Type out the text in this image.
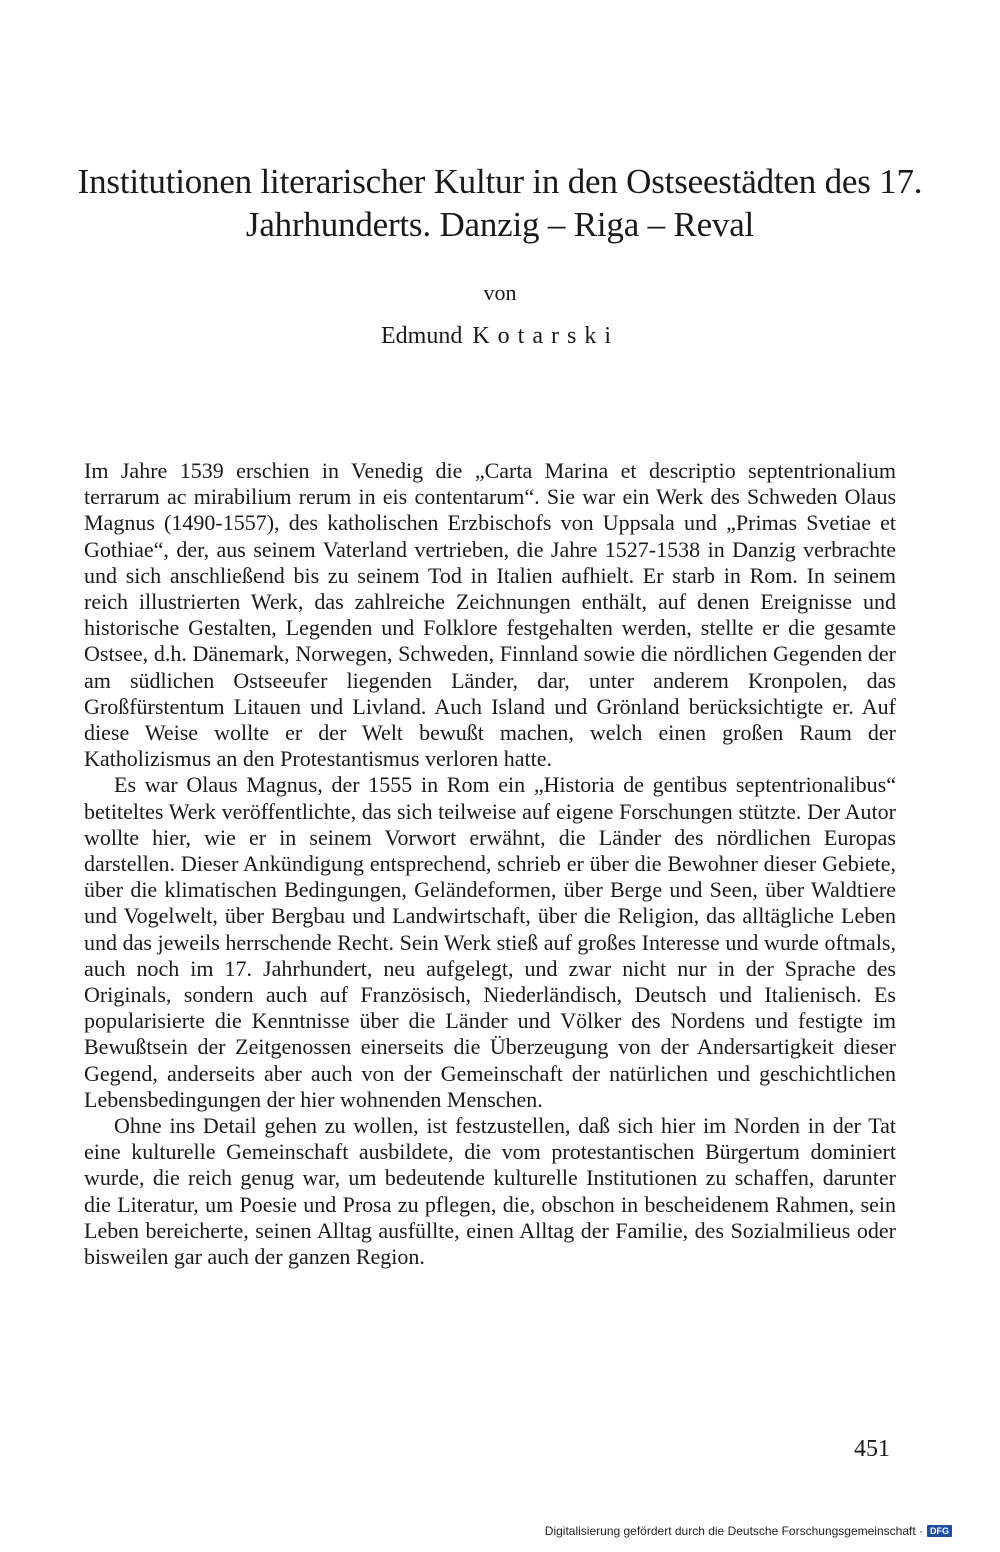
Institutionen literarischer Kultur in den Ostseestädten des 17.
Jahrhunderts. Danzig – Riga – Reval
von
Edmund Kotarski

Im Jahre 1539 erschien in Venedig die „Carta Marina et descriptio septentrionalium terrarum ac mirabilium rerum in eis contentarum“. Sie war ein Werk des Schweden Olaus Magnus (1490-1557), des katholischen Erzbischofs von Uppsala und „Primas Svetiae et Gothiae“, der, aus seinem Vaterland vertrieben, die Jahre 1527-1538 in Danzig verbrachte und sich anschließend bis zu seinem Tod in Italien aufhielt. Er starb in Rom. In seinem reich illustrierten Werk, das zahlreiche Zeichnungen enthält, auf denen Ereignisse und historische Gestalten, Legenden und Folklore festgehalten werden, stellte er die gesamte Ostsee, d.h. Dänemark, Norwegen, Schweden, Finnland sowie die nördlichen Gegenden der am südlichen Ostseeufer liegenden Länder, dar, unter anderem Kronpolen, das Großfürstentum Litauen und Livland. Auch Island und Grönland berücksichtigte er. Auf diese Weise wollte er der Welt bewußt machen, welch einen großen Raum der Katholizismus an den Protestantismus verloren hatte.

Es war Olaus Magnus, der 1555 in Rom ein „Historia de gentibus septentrionalibus“ betiteltes Werk veröffentlichte, das sich teilweise auf eigene Forschungen stützte. Der Autor wollte hier, wie er in seinem Vorwort erwähnt, die Länder des nördlichen Europas darstellen. Dieser Ankündigung entsprechend, schrieb er über die Bewohner dieser Gebiete, über die klimatischen Bedingungen, Geländeformen, über Berge und Seen, über Waldtiere und Vogelwelt, über Bergbau und Landwirtschaft, über die Religion, das alltägliche Leben und das jeweils herrschende Recht. Sein Werk stieß auf großes Interesse und wurde oftmals, auch noch im 17. Jahrhundert, neu aufgelegt, und zwar nicht nur in der Sprache des Originals, sondern auch auf Französisch, Niederländisch, Deutsch und Italienisch. Es popularisierte die Kenntnisse über die Länder und Völker des Nordens und festigte im Bewußtsein der Zeitgenossen einerseits die Überzeugung von der Andersartigkeit dieser Gegend, anderseits aber auch von der Gemeinschaft der natürlichen und geschichtlichen Lebensbedingungen der hier wohnenden Menschen.

Ohne ins Detail gehen zu wollen, ist festzustellen, daß sich hier im Norden in der Tat eine kulturelle Gemeinschaft ausbildete, die vom protestantischen Bürgertum dominiert wurde, die reich genug war, um bedeutende kulturelle Institutionen zu schaffen, darunter die Literatur, um Poesie und Prosa zu pflegen, die, obschon in bescheidenem Rahmen, sein Leben bereicherte, seinen Alltag ausfüllte, einen Alltag der Familie, des Sozialmilieus oder bisweilen gar auch der ganzen Region.

451
Digitalisierung gefördert durch die Deutsche Forschungsgemeinschaft · DFG
